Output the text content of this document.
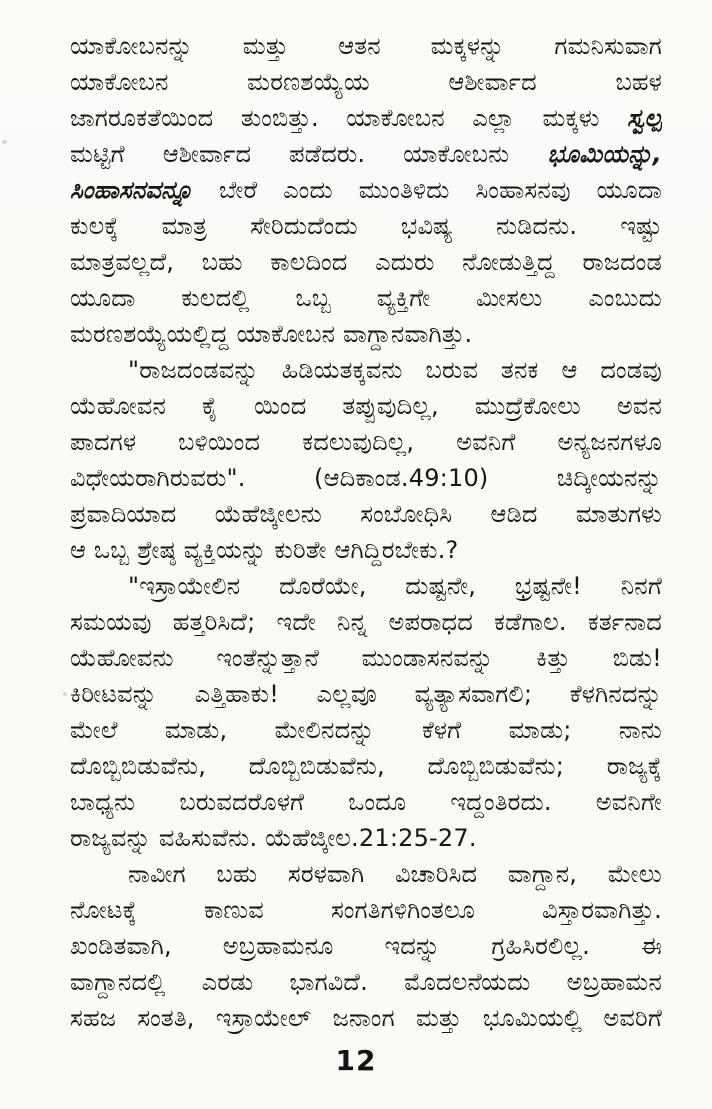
ಯಾಕೋಬನನ್ನು ಮತ್ತು ಆತನ ಮಕ್ಕಳನ್ನು ಗಮನಿಸುವಾಗ
ಯಾಕೋಬನ ಮರಣಶಯ್ಯೆಯ ಆಶೀರ್ವಾದ ಬಹಳ
ಜಾಗರೂಕತೆಯಿಂದ ತುಂಬಿತ್ತು. ಯಾಕೋಬನ ಎಲ್ಲಾ ಮಕ್ಕಳು ಸ್ವಲ್ಪ
ಮಟ್ಟಿಗೆ ಆಶೀರ್ವಾದ ಪಡೆದರು. ಯಾಕೋಬನು ಭೂಮಿಯನ್ನು,
ಸಿಂಹಾಸನವನ್ನೂ ಬೇರೆ ಎಂದು ಮುಂತಿಳಿದು ಸಿಂಹಾಸನವು ಯೂದಾ
ಕುಲಕ್ಕೆ ಮಾತ್ರ ಸೇರಿದುದೆಂದು ಭವಿಷ್ಯ ನುಡಿದನು. ಇಷ್ಟು
ಮಾತ್ರವಲ್ಲದೆ, ಬಹು ಕಾಲದಿಂದ ಎದುರು ನೋಡುತ್ತಿದ್ದ ರಾಜದಂಡ
ಯೂದಾ ಕುಲದಲ್ಲಿ ಒಬ್ಬ ವ್ಯಕ್ತಿಗೇ ಮೀಸಲು ಎಂಬುದು
ಮರಣಶಯ್ಯೆಯಲ್ಲಿದ್ದ ಯಾಕೋಬನ ವಾಗ್ದಾನವಾಗಿತ್ತು.
"ರಾಜದಂಡವನ್ನು ಹಿಡಿಯತಕ್ಕವನು ಬರುವ ತನಕ ಆ ದಂಡವು
ಯೆಹೋವನ ಕೈ ಯಿಂದ ತಪ್ಪುವುದಿಲ್ಲ, ಮುದ್ರೆಕೋಲು ಅವನ
ಪಾದಗಳ ಬಳಿಯಿಂದ ಕದಲುವುದಿಲ್ಲ, ಅವನಿಗೆ ಅನ್ಯಜನಗಳೂ
ವಿಧೇಯರಾಗಿರುವರು". (ಆದಿಕಾಂಡ.49:10) ಚಿದ್ಕೀಯನನ್ನು
ಪ್ರವಾದಿಯಾದ ಯೆಹೆಜ್ಕೀಲನು ಸಂಬೋಧಿಸಿ ಆಡಿದ ಮಾತುಗಳು
ಆ ಒಬ್ಬ ಶ್ರೇಷ್ಠ ವ್ಯಕ್ತಿಯನ್ನು ಕುರಿತೇ ಆಗಿದ್ದಿರಬೇಕು.?
"ಇಸ್ರಾಯೇಲಿನ ದೊರೆಯೇ, ದುಷ್ಟನೇ, ಭ್ರಷ್ಟನೇ! ನಿನಗೆ
ಸಮಯವು ಹತ್ತರಿಸಿದೆ; ಇದೇ ನಿನ್ನ ಅಪರಾಧದ ಕಡೆಗಾಲ. ಕರ್ತನಾದ
ಯೆಹೋವನು ಇಂತೆನ್ನುತ್ತಾನೆ ಮುಂಡಾಸನವನ್ನು ಕಿತ್ತು ಬಿಡು!
ಕಿರೀಟವನ್ನು ಎತ್ತಿಹಾಕು! ಎಲ್ಲವೂ ವ್ಯತ್ಯಾಸವಾಗಲಿ; ಕೆಳಗಿನದನ್ನು
ಮೇಲೆ ಮಾಡು, ಮೇಲಿನದನ್ನು ಕೆಳಗೆ ಮಾಡು; ನಾನು
ದೊಬ್ಬಿಬಿಡುವೆನು, ದೊಬ್ಬಿಬಿಡುವೆನು, ದೊಬ್ಬಿಬಿಡುವೆನು; ರಾಜ್ಯಕ್ಕೆ
ಬಾಧ್ಯನು ಬರುವದರೊಳಗೆ ಒಂದೂ ಇದ್ದಂತಿರದು. ಅವನಿಗೇ
ರಾಜ್ಯವನ್ನು ವಹಿಸುವೆನು. ಯೆಹೆಜ್ಕೀಲ.21:25-27.
ನಾವೀಗ ಬಹು ಸರಳವಾಗಿ ವಿಚಾರಿಸಿದ ವಾಗ್ದಾನ, ಮೇಲು
ನೋಟಕ್ಕೆ ಕಾಣುವ ಸಂಗತಿಗಳಿಗಿಂತಲೂ ವಿಸ್ತಾರವಾಗಿತ್ತು.
ಖಂಡಿತವಾಗಿ, ಅಬ್ರಹಾಮನೂ ಇದನ್ನು ಗ್ರಹಿಸಿರಲಿಲ್ಲ. ಈ
ವಾಗ್ದಾನದಲ್ಲಿ ಎರಡು ಭಾಗವಿದೆ. ಮೊದಲನೆಯದು ಅಬ್ರಹಾಮನ
ಸಹಜ ಸಂತತಿ, ಇಸ್ರಾಯೇಲ್ ಜನಾಂಗ ಮತ್ತು ಭೂಮಿಯಲ್ಲಿ ಅವರಿಗೆ
12
